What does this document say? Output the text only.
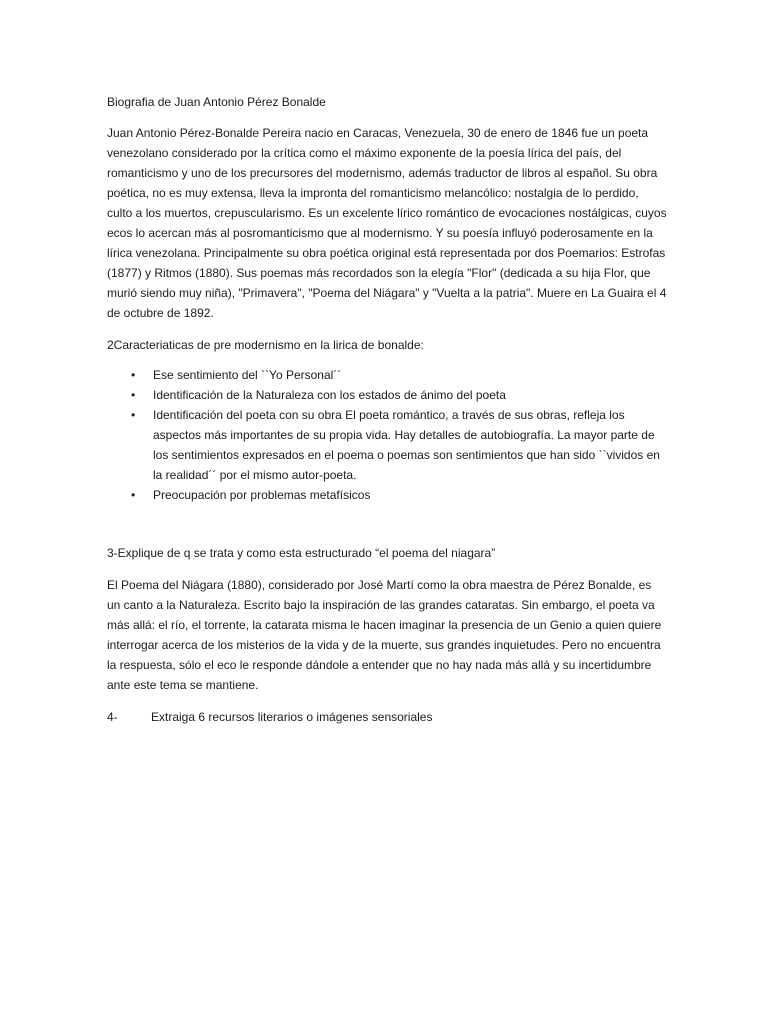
Biografia de Juan Antonio Pérez Bonalde

Juan Antonio Pérez-Bonalde Pereira nacio en Caracas, Venezuela, 30 de enero de 1846 fue un poeta venezolano considerado por la crítica como el máximo exponente de la poesía lírica del país, del romanticismo y uno de los precursores del modernismo, además traductor de libros al español. Su obra poética, no es muy extensa, lleva la impronta del romanticismo melancólico: nostalgia de lo perdido, culto a los muertos, crepuscularismo. Es un excelente lírico romántico de evocaciones nostálgicas, cuyos ecos lo acercan más al posromanticismo que al modernismo. Y su poesía influyó poderosamente en la lírica venezolana. Principalmente su obra poética original está representada por dos Poemarios: Estrofas (1877) y Ritmos (1880). Sus poemas más recordados son la elegía "Flor" (dedicada a su hija Flor, que murió siendo muy niña), "Primavera", "Poema del Niágara" y "Vuelta a la patria". Muere en La Guaira el 4 de octubre de 1892.

2Caracteriaticas de pre modernismo en la lirica de bonalde:

• Ese sentimiento del ``Yo Personal´´
• Identificación de la Naturaleza con los estados de ánimo del poeta
• Identificación del poeta con su obra El poeta romántico, a través de sus obras, refleja los aspectos más importantes de su propia vida. Hay detalles de autobiografía. La mayor parte de los sentimientos expresados en el poema o poemas son sentimientos que han sido ``vividos en la realidad´´ por el mismo autor-poeta.
• Preocupación por problemas metafísicos

3-Explique de q se trata y como esta estructurado “el poema del niagara”

El Poema del Niágara (1880), considerado por José Martí como la obra maestra de Pérez Bonalde, es un canto a la Naturaleza. Escrito bajo la inspiración de las grandes cataratas. Sin embargo, el poeta va más allá: el río, el torrente, la catarata misma le hacen imaginar la presencia de un Genio a quien quiere interrogar acerca de los misterios de la vida y de la muerte, sus grandes inquietudes. Pero no encuentra la respuesta, sólo el eco le responde dándole a entender que no hay nada más allá y su incertidumbre ante este tema se mantiene.

4-	Extraiga 6 recursos literarios o imágenes sensoriales
